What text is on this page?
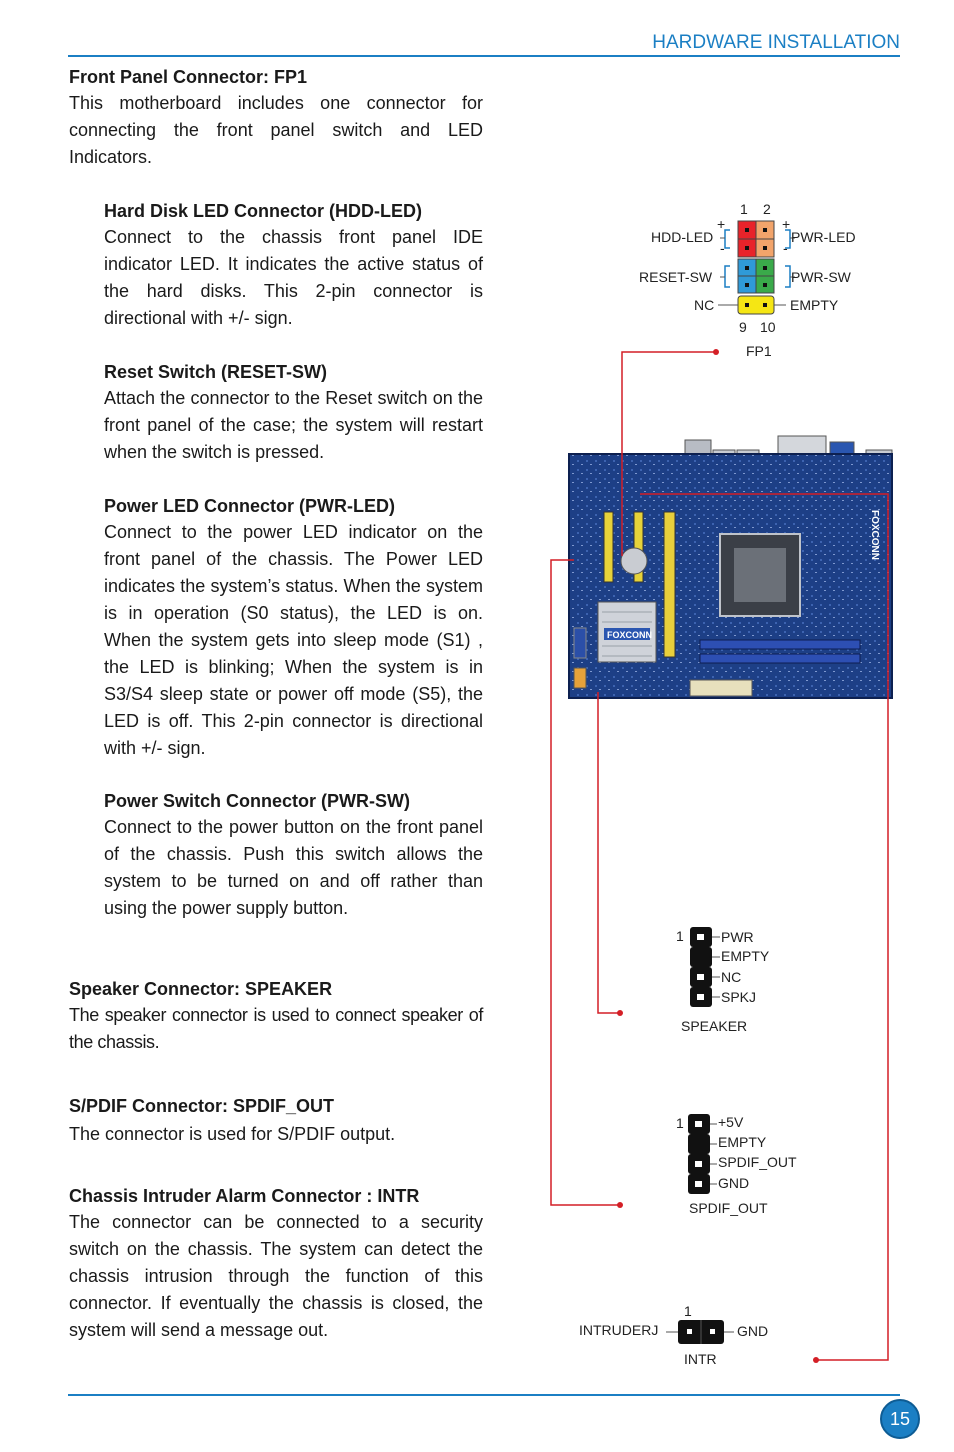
HARDWARE INSTALLATION
Front Panel Connector: FP1
This motherboard includes one connector for connecting the front panel switch and LED Indicators.
Hard Disk LED Connector (HDD-LED)
Connect to the chassis front panel IDE indicator LED. It indicates the active status of the hard disks. This 2-pin connector is directional with +/- sign.
Reset Switch (RESET-SW)
Attach the connector to the Reset switch on the front panel of the case; the system will restart when the switch is pressed.
Power LED Connector (PWR-LED)
Connect to the power LED indicator on the front panel of the chassis. The Power LED indicates the system’s status. When the system is in operation (S0 status), the LED is on. When the system gets into sleep mode (S1) , the LED is blinking; When the system is in S3/S4 sleep state or power off mode (S5), the LED is off. This 2-pin connector is directional with +/- sign.
Power Switch Connector (PWR-SW)
Connect to the power button on the front panel of the chassis. Push this switch allows the system to be turned on and off rather than using the power supply button.
Speaker Connector: SPEAKER
The speaker connector is used to connect speaker of the chassis.
S/PDIF Connector: SPDIF_OUT
The connector is used for S/PDIF output.
Chassis Intruder Alarm Connector : INTR
The connector can be connected to a security switch on the chassis. The system can detect the chassis intrusion through the function of this connector. If eventually the chassis is closed, the system will send a message out.
1 2
+	+
-	-
HDD-LED	PWR-LED
RESET-SW	PWR-SW
NC	EMPTY
9 10
FP1
FOXCONN
FOXCONN
1	PWR
EMPTY
NC
SPKJ
SPEAKER
1 +5V
EMPTY
SPDIF_OUT
GND
SPDIF_OUT
1
INTRUDERJ	GND
INTR
15
